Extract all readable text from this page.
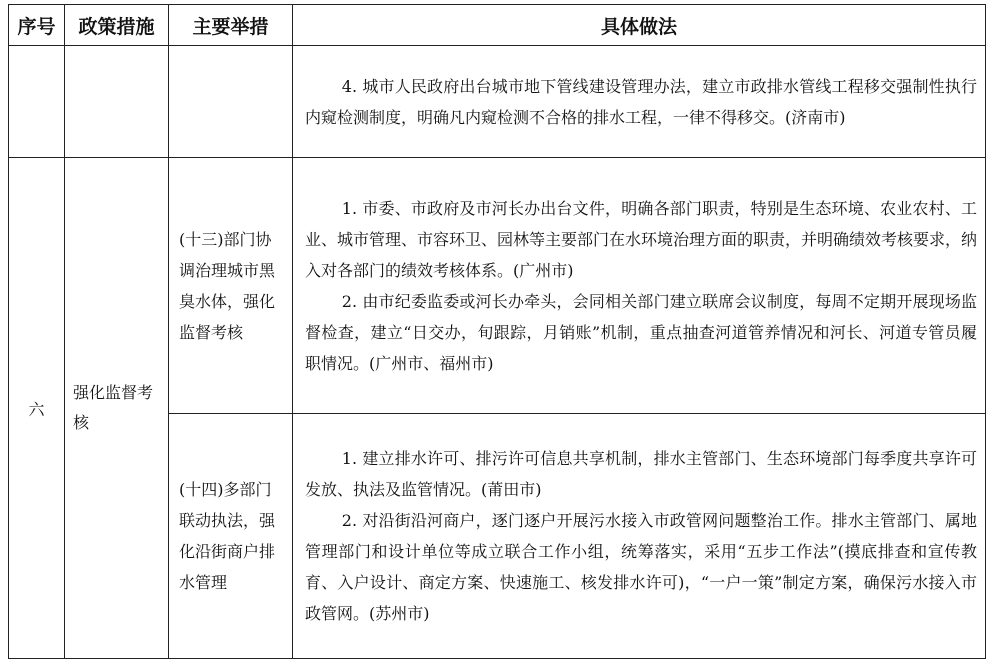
序号	政策措施	主要举措	具体做法

			4. 城市人民政府出台城市地下管线建设管理办法，建立市政排水管线工程移交强制性执行内窥检测制度，明确凡内窥检测不合格的排水工程，一律不得移交。(济南市)

六	强化监督考核	(十三)部门协调治理城市黑臭水体，强化监督考核	1. 市委、市政府及市河长办出台文件，明确各部门职责，特别是生态环境、农业农村、工业、城市管理、市容环卫、园林等主要部门在水环境治理方面的职责，并明确绩效考核要求，纳入对各部门的绩效考核体系。(广州市)

2. 由市纪委监委或河长办牵头，会同相关部门建立联席会议制度，每周不定期开展现场监督检查，建立“日交办，旬跟踪，月销账”机制，重点抽查河道管养情况和河长、河道专管员履职情况。(广州市、福州市)

		(十四)多部门联动执法，强化沿街商户排水管理	1. 建立排水许可、排污许可信息共享机制，排水主管部门、生态环境部门每季度共享许可发放、执法及监管情况。(莆田市)

2. 对沿街沿河商户，逐门逐户开展污水接入市政管网问题整治工作。排水主管部门、属地管理部门和设计单位等成立联合工作小组，统筹落实，采用“五步工作法”(摸底排查和宣传教育、入户设计、商定方案、快速施工、核发排水许可)，“一户一策”制定方案，确保污水接入市政管网。(苏州市)
